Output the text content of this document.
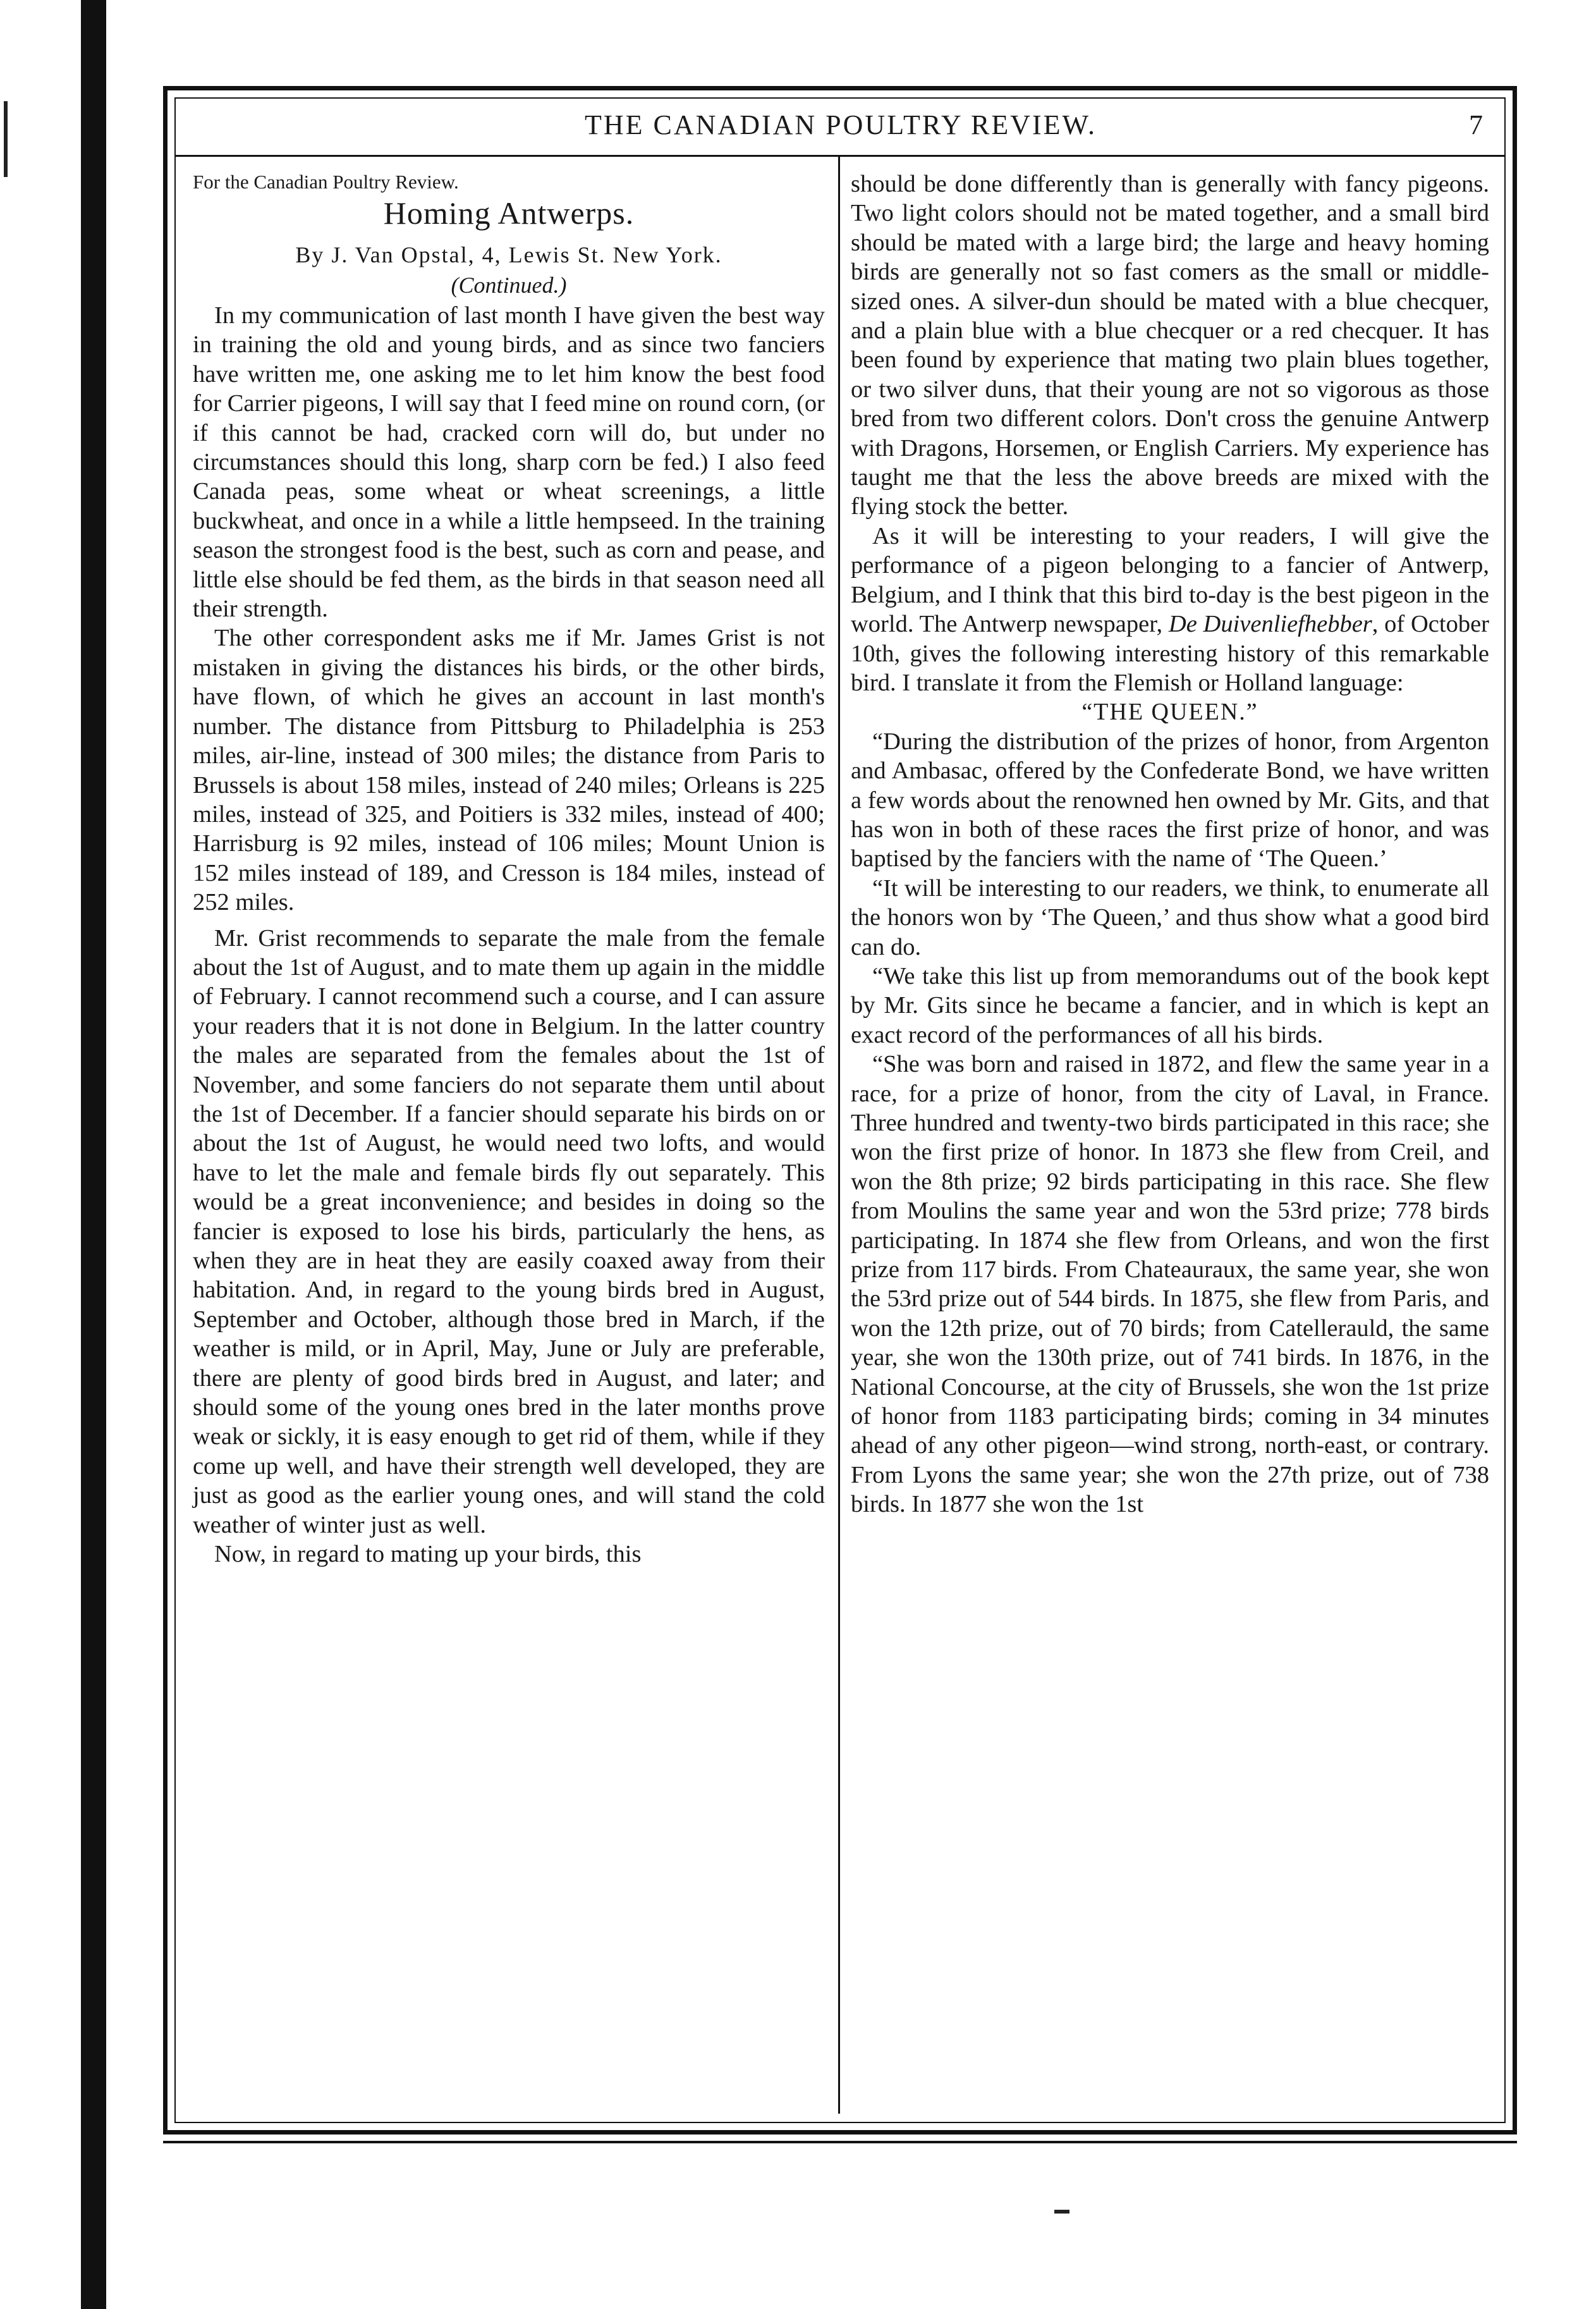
THE CANADIAN POULTRY REVIEW.	7

For the Canadian Poultry Review.

Homing Antwerps.

By J. Van Opstal, 4, Lewis St. New York.

(Continued.)

In my communication of last month I have given the best way in training the old and young birds, and as since two fanciers have written me, one asking me to let him know the best food for Carrier pigeons, I will say that I feed mine on round corn, (or if this cannot be had, cracked corn will do, but under no circumstances should this long, sharp corn be fed.) I also feed Canada peas, some wheat or wheat screenings, a little buckwheat, and once in a while a little hempseed. In the training season the strongest food is the best, such as corn and pease, and little else should be fed them, as the birds in that season need all their strength.

The other correspondent asks me if Mr. James Grist is not mistaken in giving the distances his birds, or the other birds, have flown, of which he gives an account in last month's number. The distance from Pittsburg to Philadelphia is 253 miles, air-line, instead of 300 miles; the distance from Paris to Brussels is about 158 miles, instead of 240 miles; Orleans is 225 miles, instead of 325, and Poitiers is 332 miles, instead of 400; Harrisburg is 92 miles, instead of 106 miles; Mount Union is 152 miles instead of 189, and Cresson is 184 miles, instead of 252 miles.

Mr. Grist recommends to separate the male from the female about the 1st of August, and to mate them up again in the middle of February. I cannot recommend such a course, and I can assure your readers that it is not done in Belgium. In the latter country the males are separated from the females about the 1st of November, and some fanciers do not separate them until about the 1st of December. If a fancier should separate his birds on or about the 1st of August, he would need two lofts, and would have to let the male and female birds fly out separately. This would be a great inconvenience; and besides in doing so the fancier is exposed to lose his birds, particularly the hens, as when they are in heat they are easily coaxed away from their habitation. And, in regard to the young birds bred in August, September and October, although those bred in March, if the weather is mild, or in April, May, June or July are preferable, there are plenty of good birds bred in August, and later; and should some of the young ones bred in the later months prove weak or sickly, it is easy enough to get rid of them, while if they come up well, and have their strength well developed, they are just as good as the earlier young ones, and will stand the cold weather of winter just as well.

Now, in regard to mating up your birds, this

should be done differently than is generally with fancy pigeons. Two light colors should not be mated together, and a small bird should be mated with a large bird; the large and heavy homing birds are generally not so fast comers as the small or middle-sized ones. A silver-dun should be mated with a blue checquer, and a plain blue with a blue checquer or a red checquer. It has been found by experience that mating two plain blues together, or two silver duns, that their young are not so vigorous as those bred from two different colors. Don't cross the genuine Antwerp with Dragons, Horsemen, or English Carriers. My experience has taught me that the less the above breeds are mixed with the flying stock the better.

As it will be interesting to your readers, I will give the performance of a pigeon belonging to a fancier of Antwerp, Belgium, and I think that this bird to-day is the best pigeon in the world. The Antwerp newspaper, De Duivenliefhebber, of October 10th, gives the following interesting history of this remarkable bird. I translate it from the Flemish or Holland language:

“THE QUEEN.”

“During the distribution of the prizes of honor, from Argenton and Ambasac, offered by the Confederate Bond, we have written a few words about the renowned hen owned by Mr. Gits, and that has won in both of these races the first prize of honor, and was baptised by the fanciers with the name of ‘The Queen.’

“It will be interesting to our readers, we think, to enumerate all the honors won by ‘The Queen,’ and thus show what a good bird can do.

“We take this list up from memorandums out of the book kept by Mr. Gits since he became a fancier, and in which is kept an exact record of the performances of all his birds.

“She was born and raised in 1872, and flew the same year in a race, for a prize of honor, from the city of Laval, in France. Three hundred and twenty-two birds participated in this race; she won the first prize of honor. In 1873 she flew from Creil, and won the 8th prize; 92 birds participating in this race. She flew from Moulins the same year and won the 53rd prize; 778 birds participating. In 1874 she flew from Orleans, and won the first prize from 117 birds. From Chateauraux, the same year, she won the 53rd prize out of 544 birds. In 1875, she flew from Paris, and won the 12th prize, out of 70 birds; from Catellerauld, the same year, she won the 130th prize, out of 741 birds. In 1876, in the National Concourse, at the city of Brussels, she won the 1st prize of honor from 1183 participating birds; coming in 34 minutes ahead of any other pigeon—wind strong, north-east, or contrary. From Lyons the same year; she won the 27th prize, out of 738 birds. In 1877 she won the 1st
